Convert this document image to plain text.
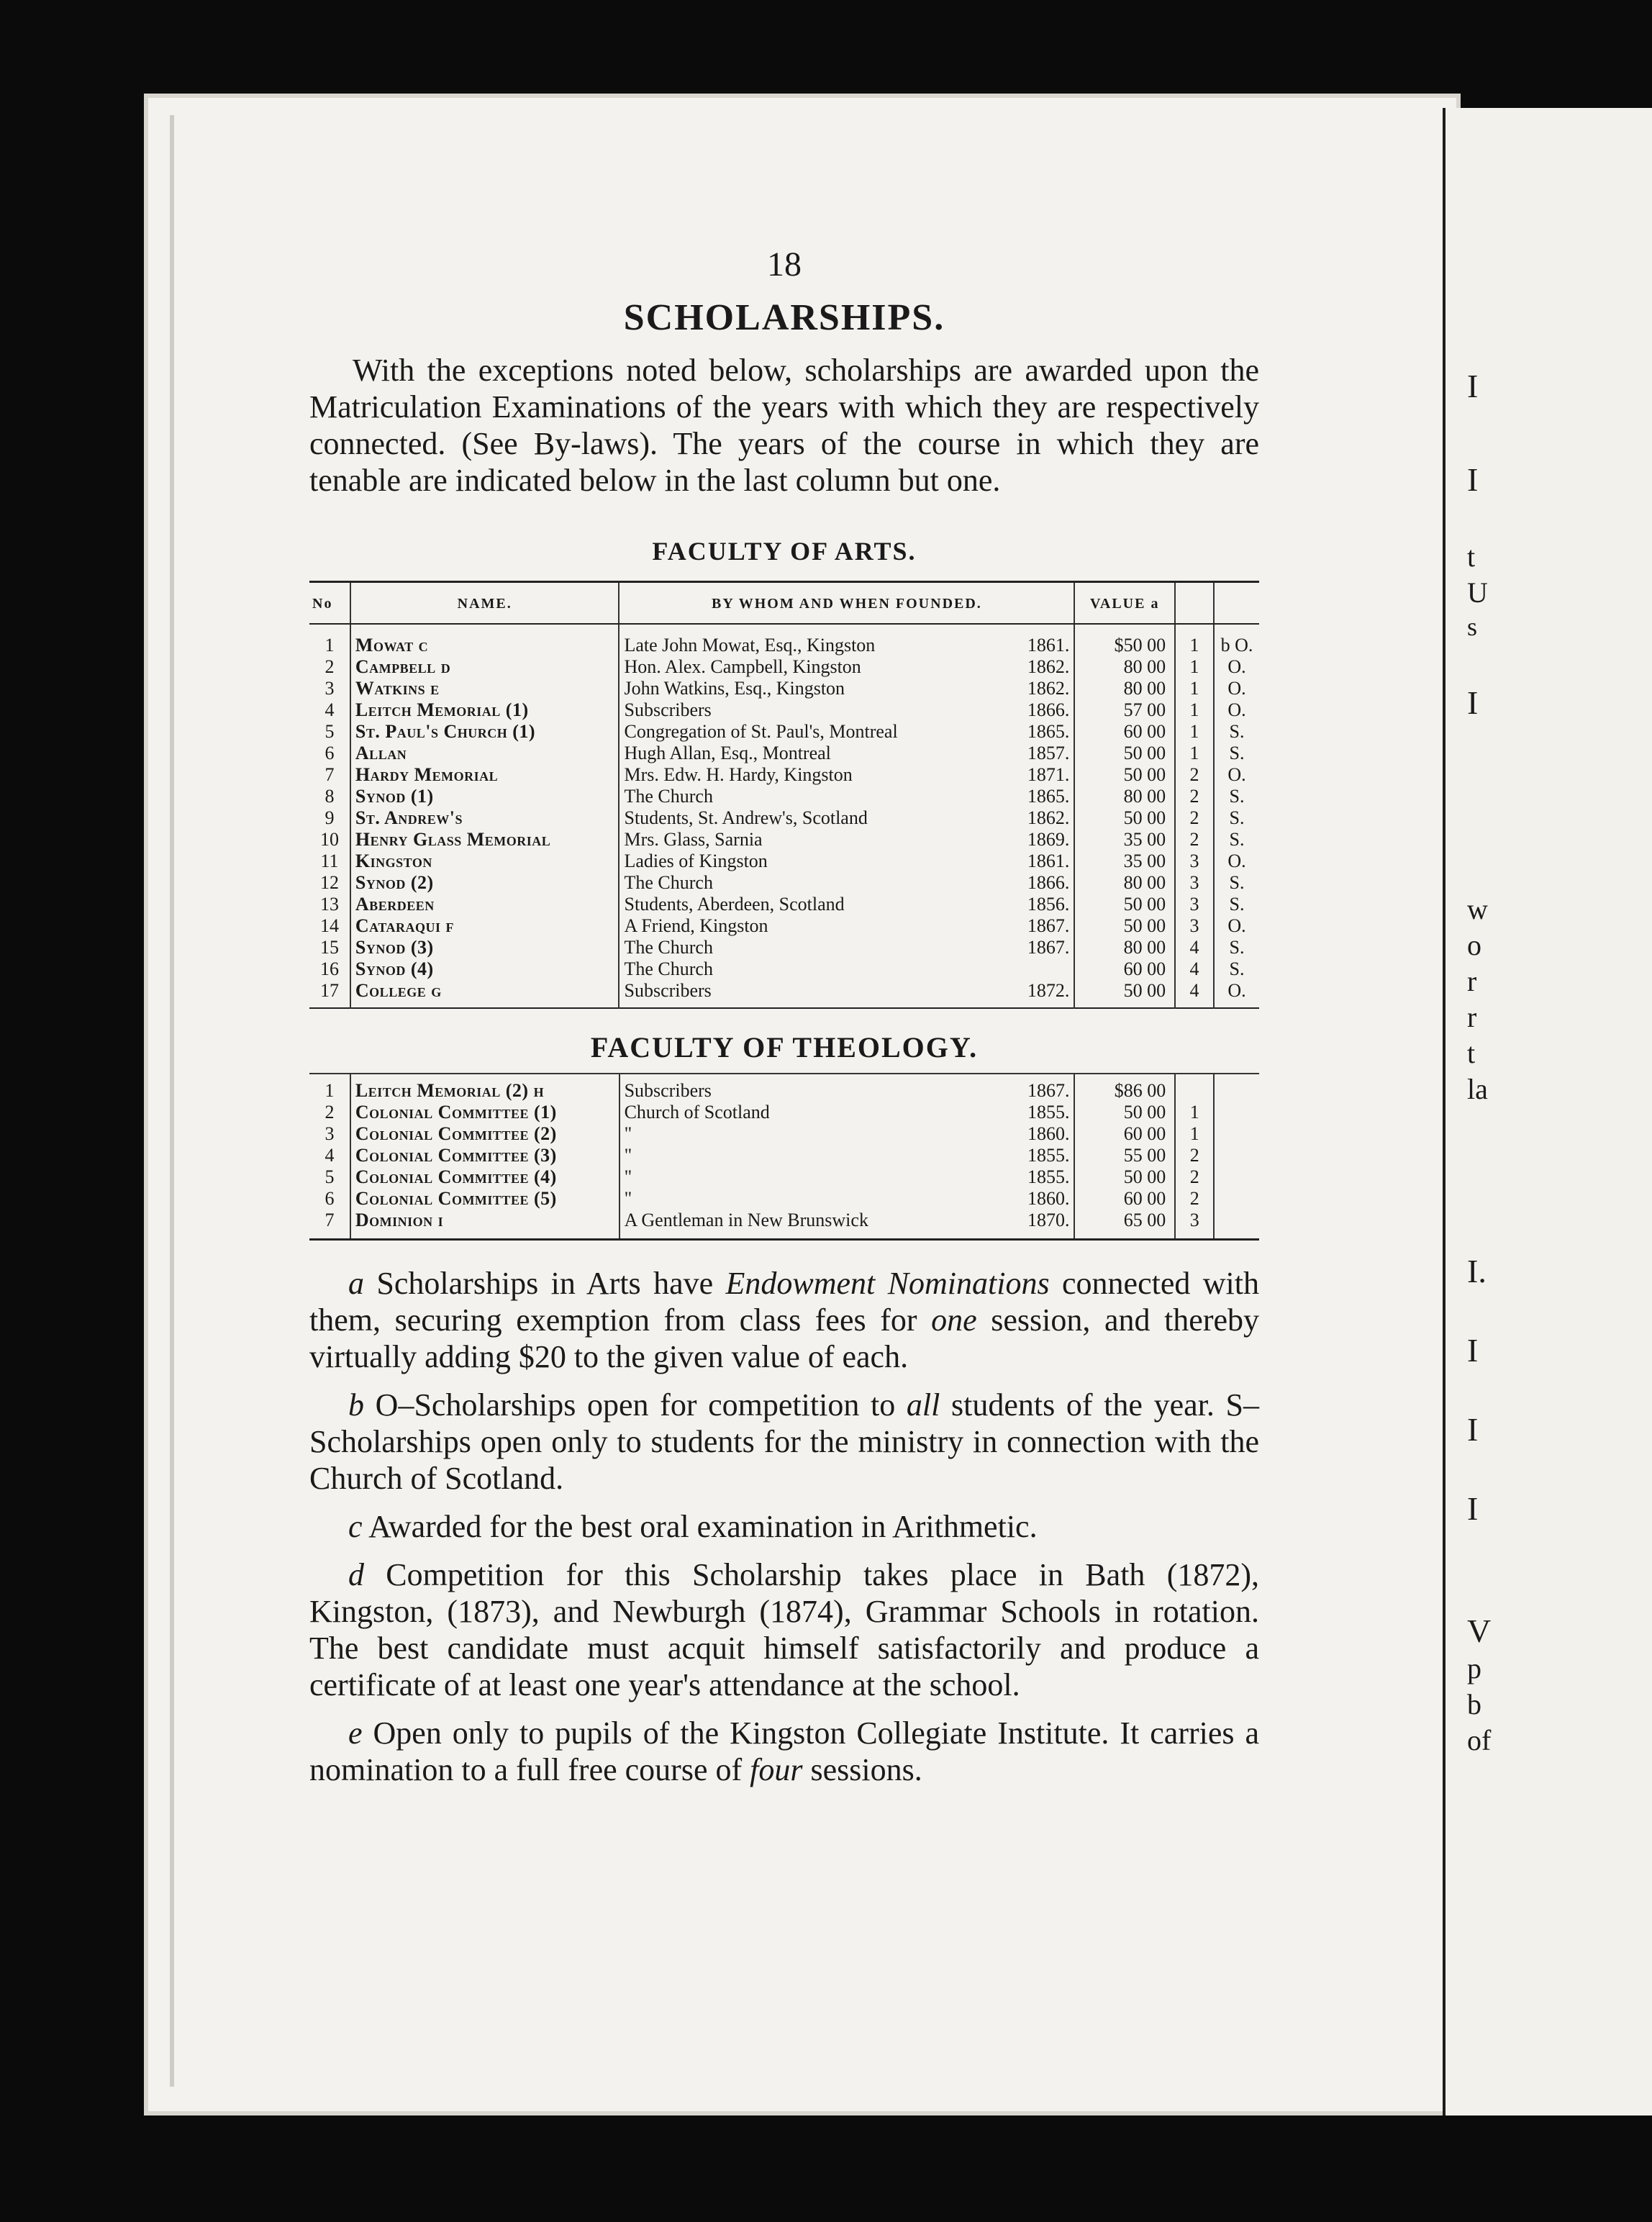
I
I
t
U
s
I
w
o
r
r
t
la
I.
I
I
I
V
p
b
of

18

SCHOLARSHIPS.

With the exceptions noted below, scholarships are awarded upon the Matriculation Examinations of the years with which they are respectively connected. (See By-laws). The years of the course in which they are tenable are indicated below in the last column but one.

FACULTY OF ARTS.
No	NAME.	BY WHOM AND WHEN FOUNDED.	VALUE a		
1	Mowat c	Late John Mowat, Esq., Kingston 1861.	$50 00	1	b O.
2	Campbell d	Hon. Alex. Campbell, Kingston 1862.	80 00	1	O.
3	Watkins e	John Watkins, Esq., Kingston 1862.	80 00	1	O.
4	Leitch Memorial (1)	Subscribers 1866.	57 00	1	O.
5	St. Paul's Church (1)	Congregation of St. Paul's, Montreal 1865.	60 00	1	S.
6	Allan	Hugh Allan, Esq., Montreal 1857.	50 00	1	S.
7	Hardy Memorial	Mrs. Edw. H. Hardy, Kingston 1871.	50 00	2	O.
8	Synod (1)	The Church 1865.	80 00	2	S.
9	St. Andrew's	Students, St. Andrew's, Scotland 1862.	50 00	2	S.
10	Henry Glass Memorial	Mrs. Glass, Sarnia 1869.	35 00	2	S.
11	Kingston	Ladies of Kingston 1861.	35 00	3	O.
12	Synod (2)	The Church 1866.	80 00	3	S.
13	Aberdeen	Students, Aberdeen, Scotland 1856.	50 00	3	S.
14	Cataraqui f	A Friend, Kingston 1867.	50 00	3	O.
15	Synod (3)	The Church 1867.	80 00	4	S.
16	Synod (4)	The Church	60 00	4	S.
17	College g	Subscribers 1872.	50 00	4	O.
FACULTY OF THEOLOGY.
1	Leitch Memorial (2) h	Subscribers 1867.	$86 00		
2	Colonial Committee (1)	Church of Scotland 1855.	50 00	1	
3	Colonial Committee (2)	" 1860.	60 00	1	
4	Colonial Committee (3)	" 1855.	55 00	2	
5	Colonial Committee (4)	" 1855.	50 00	2	
6	Colonial Committee (5)	" 1860.	60 00	2	
7	Dominion i	A Gentleman in New Brunswick 1870.	65 00	3	

a Scholarships in Arts have Endowment Nominations connected with them, securing exemption from class fees for one session, and thereby virtually adding $20 to the given value of each.

b O–Scholarships open for competition to all students of the year. S–Scholarships open only to students for the ministry in connection with the Church of Scotland.

c Awarded for the best oral examination in Arithmetic.

d Competition for this Scholarship takes place in Bath (1872), Kingston, (1873), and Newburgh (1874), Grammar Schools in rotation. The best candidate must acquit himself satisfactorily and produce a certificate of at least one year's attendance at the school.

e Open only to pupils of the Kingston Collegiate Institute. It carries a nomination to a full free course of four sessions.
